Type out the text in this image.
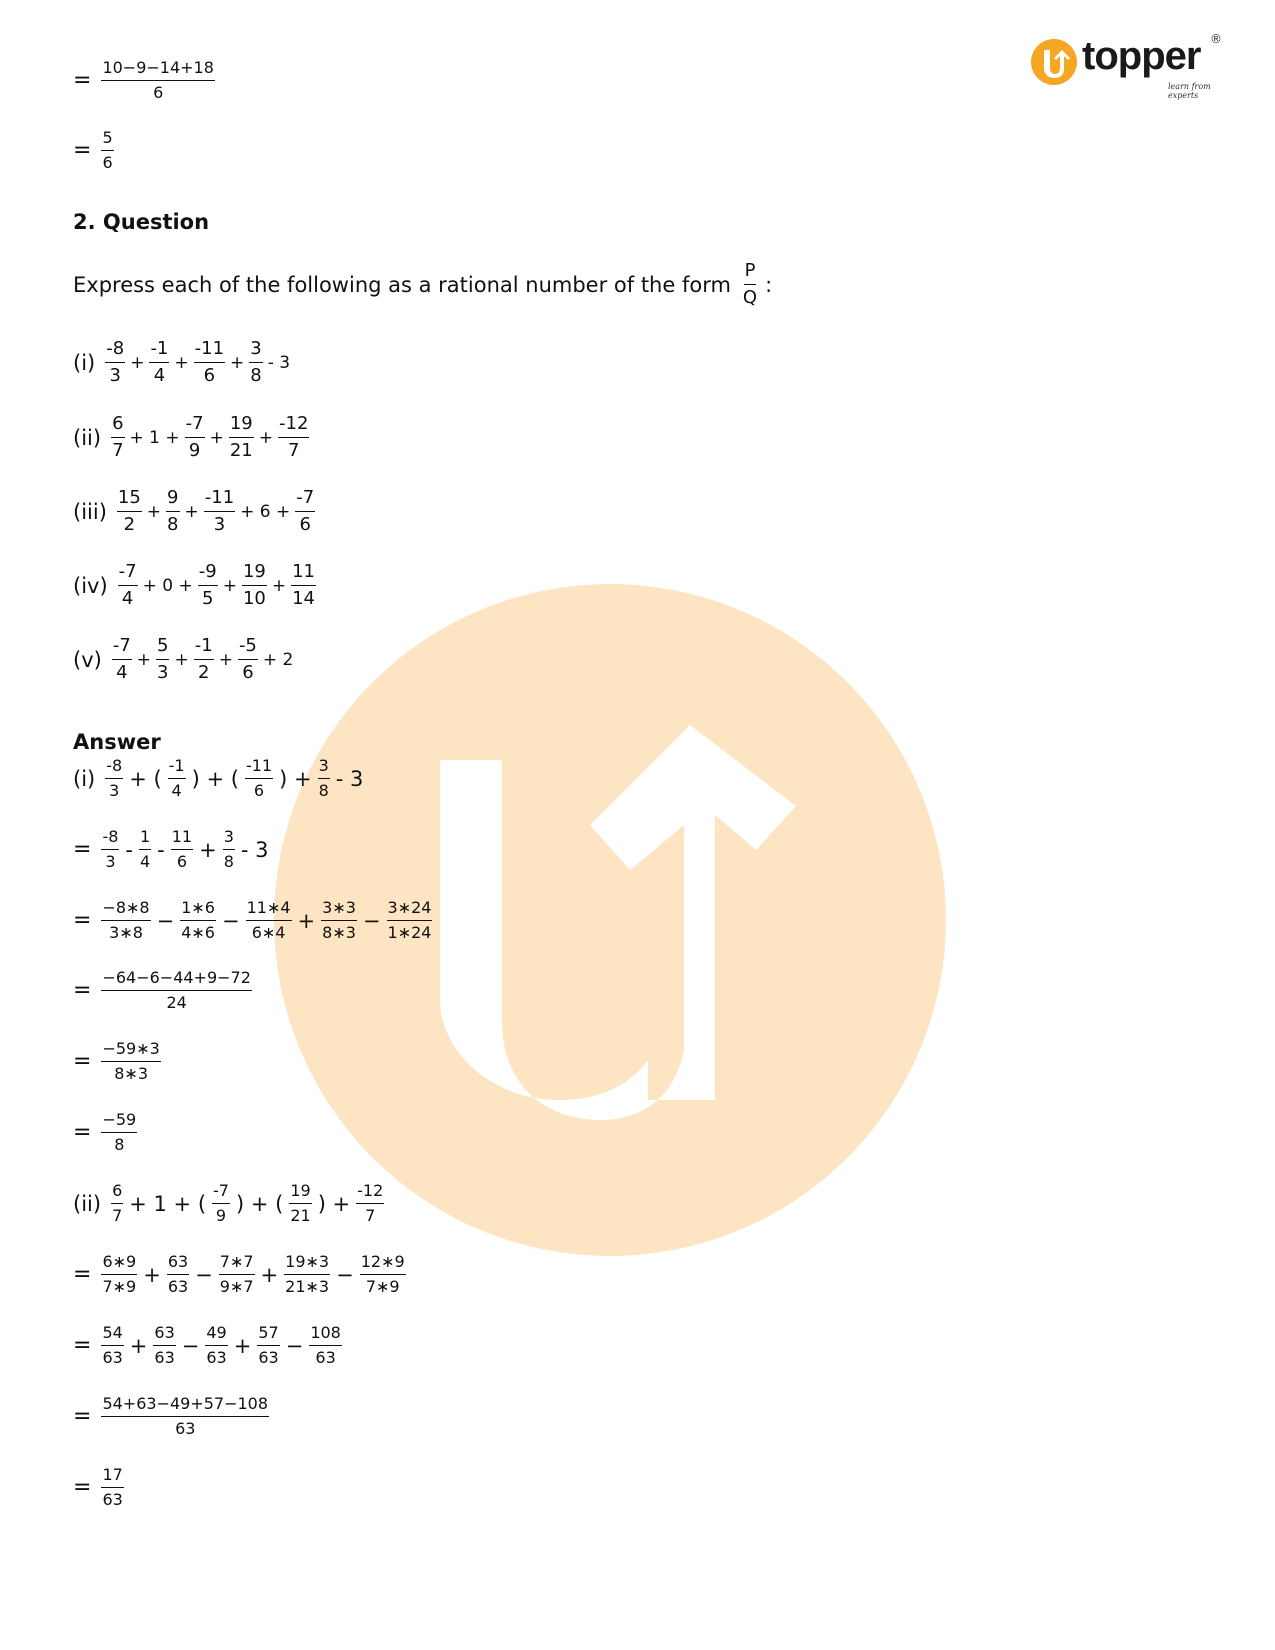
topper ®
learn from experts
= $\frac{10-9-14+18}{6}$
= $\frac{5}{6}$
2. Question
Express each of the following as a rational number of the form $\frac{P}{Q}$ :
$(i) \frac{-8}{3} + \frac{-1}{4} + \frac{-11}{6} + \frac{3}{8} - 3$
$(ii) \frac{6}{7} + 1 + \frac{-7}{9} + \frac{19}{21} + \frac{-12}{7}$
$(iii) \frac{15}{2} + \frac{9}{8} + \frac{-11}{3} + 6 + \frac{-7}{6}$
$(iv) \frac{-7}{4} + 0 + \frac{-9}{5} + \frac{19}{10} + \frac{11}{14}$
$(v) \frac{-7}{4} + \frac{5}{3} + \frac{-1}{2} + \frac{-5}{6} + 2$
Answer
$(i) \frac{-8}{3}$ + ( $\frac{-1}{4}$ ) + ( $\frac{-11}{6}$ ) + $\frac{3}{8} - 3$
= $\frac{-8}{3} - \frac{1}{4} - \frac{11}{6} + \frac{3}{8} - 3$
= $\frac{-8∗8}{3∗8} - \frac{1∗6}{4∗6} - \frac{11∗4}{6∗4} + \frac{3∗3}{8∗3} - \frac{3∗24}{1∗24}$
= $\frac{-64-6-44+9-72}{24}$
= $\frac{-59∗3}{8∗3}$
= $\frac{-59}{8}$
$(ii) \frac{6}{7} + 1$ + ( $\frac{-7}{9}$ ) + ( $\frac{19}{21}$ ) + $\frac{-12}{7}$
= $\frac{6∗9}{7∗9} + \frac{63}{63} - \frac{7∗7}{9∗7} + \frac{19∗3}{21∗3} - \frac{12∗9}{7∗9}$
= $\frac{54}{63} + \frac{63}{63} - \frac{49}{63} + \frac{57}{63} - \frac{108}{63}$
= $\frac{54+63-49+57-108}{63}$
= $\frac{17}{63}$
